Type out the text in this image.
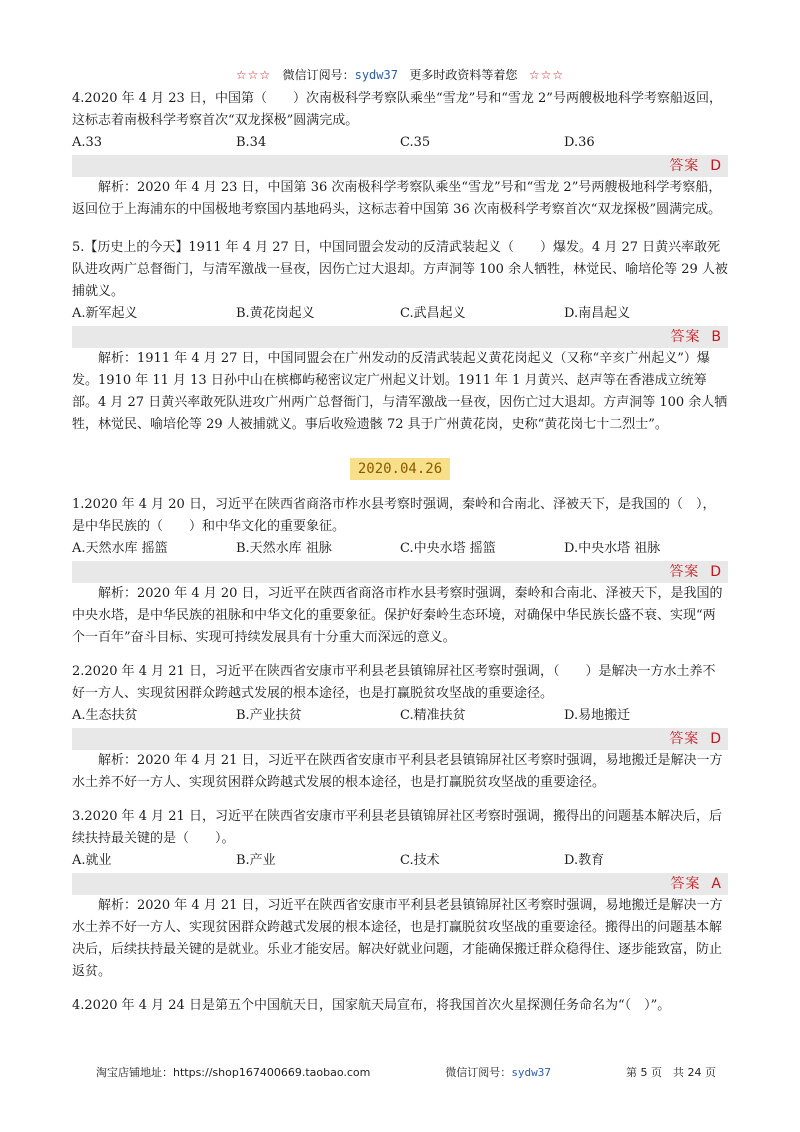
☆☆☆ 微信订阅号：sydw37 更多时政资料等着您 ☆☆☆

4.2020 年 4 月 23 日，中国第（　　）次南极科学考察队乘坐“雪龙”号和“雪龙 2”号两艘极地科学考察船返回，这标志着南极科学考察首次“双龙探极”圆满完成。

A.33	B.34	C.35	D.36
答案 D

解析：2020 年 4 月 23 日，中国第 36 次南极科学考察队乘坐“雪龙”号和“雪龙 2”号两艘极地科学考察船，返回位于上海浦东的中国极地考察国内基地码头，这标志着中国第 36 次南极科学考察首次“双龙探极”圆满完成。

5.【历史上的今天】1911 年 4 月 27 日，中国同盟会发动的反清武装起义（　　）爆发。4 月 27 日黄兴率敢死队进攻两广总督衙门，与清军激战一昼夜，因伤亡过大退却。方声洞等 100 余人牺牲，林觉民、喻培伦等 29 人被捕就义。

A.新军起义	B.黄花岗起义	C.武昌起义	D.南昌起义
答案 B

解析：1911 年 4 月 27 日，中国同盟会在广州发动的反清武装起义黄花岗起义（又称“辛亥广州起义”）爆发。1910 年 11 月 13 日孙中山在槟榔屿秘密议定广州起义计划。1911 年 1 月黄兴、赵声等在香港成立统筹部。4 月 27 日黄兴率敢死队进攻广州两广总督衙门，与清军激战一昼夜，因伤亡过大退却。方声洞等 100 余人牺牲，林觉民、喻培伦等 29 人被捕就义。事后收殓遗骸 72 具于广州黄花岗，史称“黄花岗七十二烈士”。

2020.04.26

1.2020 年 4 月 20 日，习近平在陕西省商洛市柞水县考察时强调，秦岭和合南北、泽被天下，是我国的（　），是中华民族的（　　）和中华文化的重要象征。

A.天然水库 摇篮	B.天然水库 祖脉	C.中央水塔 摇篮	D.中央水塔 祖脉
答案 D

解析：2020 年 4 月 20 日，习近平在陕西省商洛市柞水县考察时强调，秦岭和合南北、泽被天下，是我国的中央水塔，是中华民族的祖脉和中华文化的重要象征。保护好秦岭生态环境，对确保中华民族长盛不衰、实现“两个一百年”奋斗目标、实现可持续发展具有十分重大而深远的意义。

2.2020 年 4 月 21 日，习近平在陕西省安康市平利县老县镇锦屏社区考察时强调，（　　）是解决一方水土养不好一方人、实现贫困群众跨越式发展的根本途径，也是打赢脱贫攻坚战的重要途径。

A.生态扶贫	B.产业扶贫	C.精准扶贫	D.易地搬迁
答案 D

解析：2020 年 4 月 21 日，习近平在陕西省安康市平利县老县镇锦屏社区考察时强调，易地搬迁是解决一方水土养不好一方人、实现贫困群众跨越式发展的根本途径，也是打赢脱贫攻坚战的重要途径。

3.2020 年 4 月 21 日，习近平在陕西省安康市平利县老县镇锦屏社区考察时强调，搬得出的问题基本解决后，后续扶持最关键的是（　　）。

A.就业	B.产业	C.技术	D.教育
答案 A

解析：2020 年 4 月 21 日，习近平在陕西省安康市平利县老县镇锦屏社区考察时强调，易地搬迁是解决一方水土养不好一方人、实现贫困群众跨越式发展的根本途径，也是打赢脱贫攻坚战的重要途径。搬得出的问题基本解决后，后续扶持最关键的是就业。乐业才能安居。解决好就业问题，才能确保搬迁群众稳得住、逐步能致富，防止返贫。

4.2020 年 4 月 24 日是第五个中国航天日，国家航天局宣布，将我国首次火星探测任务命名为“（　）”。

淘宝店铺地址：https://shop167400669.taobao.com	微信订阅号：sydw37	第 5 页　共 24 页
